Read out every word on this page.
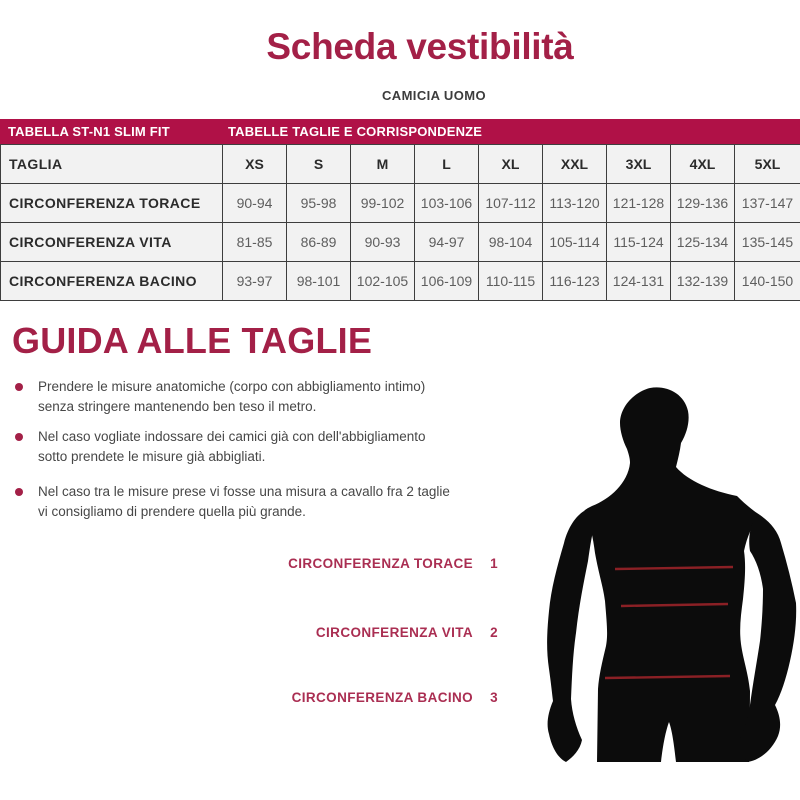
Scheda vestibilità
CAMICIA UOMO
TABELLA ST-N1 SLIM FIT	TABELLE TAGLIE E CORRISPONDENZE
TAGLIA	XS	S	M	L	XL	XXL	3XL	4XL	5XL
CIRCONFERENZA TORACE	90-94	95-98	99-102	103-106	107-112	113-120	121-128	129-136	137-147
CIRCONFERENZA VITA	81-85	86-89	90-93	94-97	98-104	105-114	115-124	125-134	135-145
CIRCONFERENZA BACINO	93-97	98-101	102-105	106-109	110-115	116-123	124-131	132-139	140-150
GUIDA ALLE TAGLIE
Prendere le misure anatomiche (corpo con abbigliamento intimo)
senza stringere mantenendo ben teso il metro.
Nel caso vogliate indossare dei camici già con dell'abbigliamento
sotto prendete le misure già abbigliati.
Nel caso tra le misure prese vi fosse una misura a cavallo fra 2 taglie
vi consigliamo di prendere quella più grande.
CIRCONFERENZA TORACE 1
CIRCONFERENZA VITA 2
CIRCONFERENZA BACINO 3
